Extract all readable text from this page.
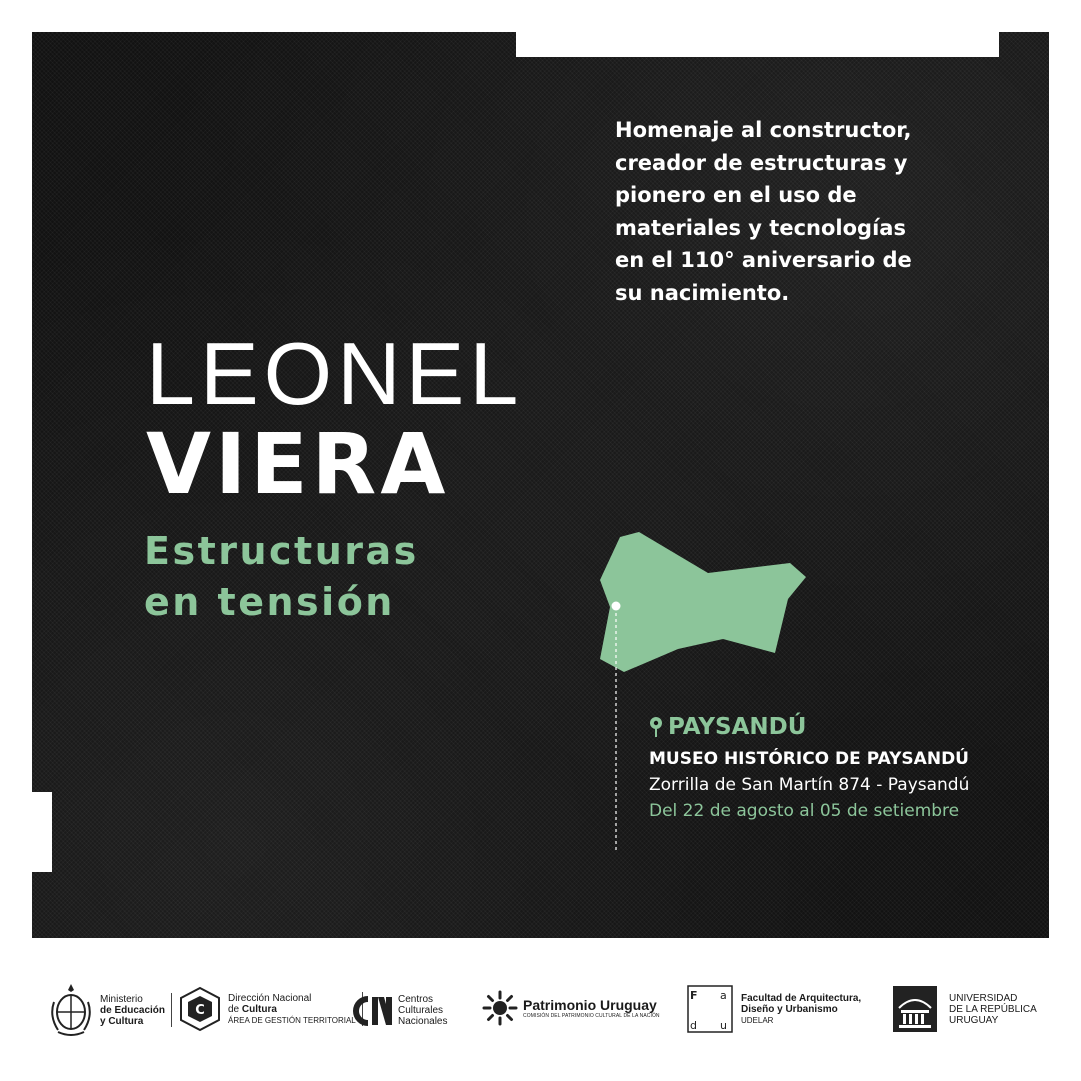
Homenaje al constructor,
creador de estructuras y
pionero en el uso de
materiales y tecnologías
en el 110° aniversario de
su nacimiento.
LEONEL
VIERA
Estructuras
en tensión
PAYSANDÚ
MUSEO HISTÓRICO DE PAYSANDÚ
Zorrilla de San Martín 874 - Paysandú
Del 22 de agosto al 05 de setiembre
Ministerio
de Educación
y Cultura
C
Dirección Nacional
de Cultura
ÁREA DE GESTIÓN TERRITORIAL
Centros
Culturales
Nacionales
Patrimonio Uruguay
COMISIÓN DEL PATRIMONIO CULTURAL DE LA NACIÓN
F a
d u
Facultad de Arquitectura,
Diseño y Urbanismo
UDELAR
UNIVERSIDAD
DE LA REPÚBLICA
URUGUAY
